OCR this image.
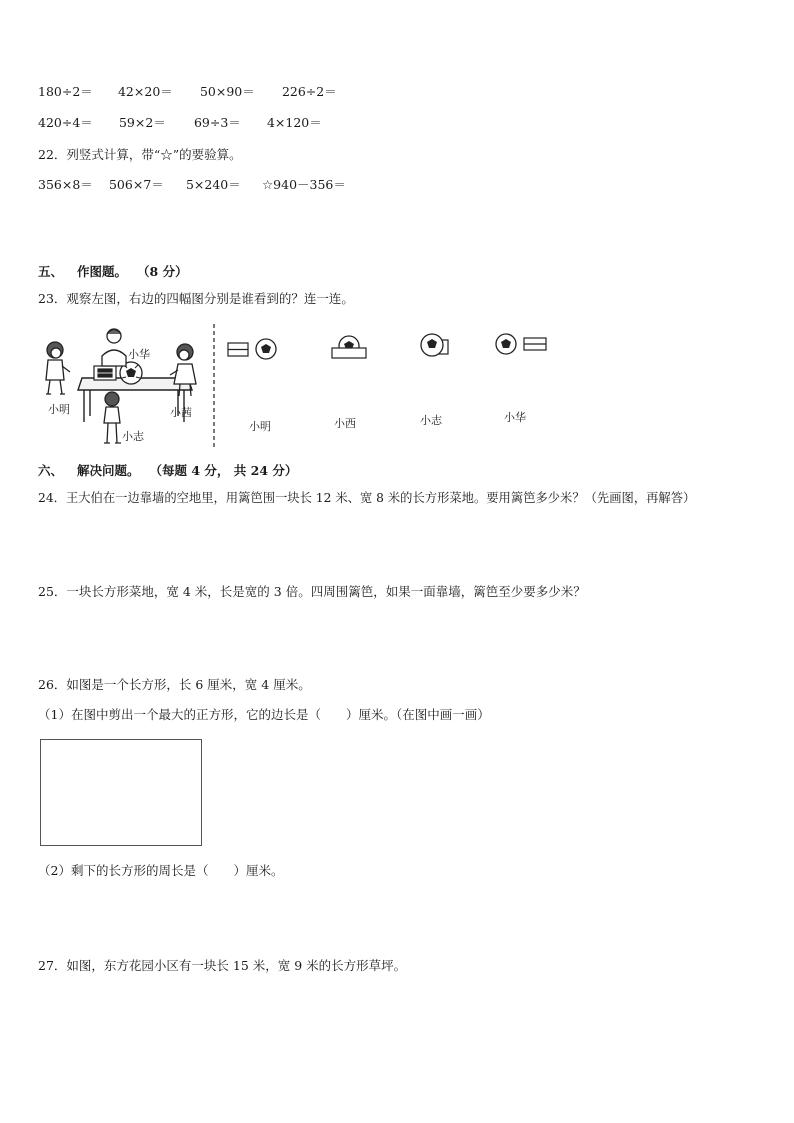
180÷2＝ 42×20＝ 50×90＝ 226÷2＝
420÷4＝ 59×2＝ 69÷3＝ 4×120＝
22．列竖式计算，带“☆”的要验算。
356×8＝ 506×7＝ 5×240＝ ☆940－356＝
五、 作图题。 （8 分）
23．观察左图，右边的四幅图分别是谁看到的？连一连。
小明
小华
小茜
小志
小明	小西	小志	小华
六、 解决问题。 （每题 4 分， 共 24 分）
24．王大伯在一边靠墙的空地里，用篱笆围一块长 12 米、宽 8 米的长方形菜地。要用篱笆多少米？（先画图，再解答）
25．一块长方形菜地，宽 4 米，长是宽的 3 倍。四周围篱笆，如果一面靠墙，篱笆至少要多少米？
26．如图是一个长方形，长 6 厘米，宽 4 厘米。
（1）在图中剪出一个最大的正方形，它的边长是（　　）厘米。（在图中画一画）
（2）剩下的长方形的周长是（　　）厘米。
27．如图，东方花园小区有一块长 15 米，宽 9 米的长方形草坪。
